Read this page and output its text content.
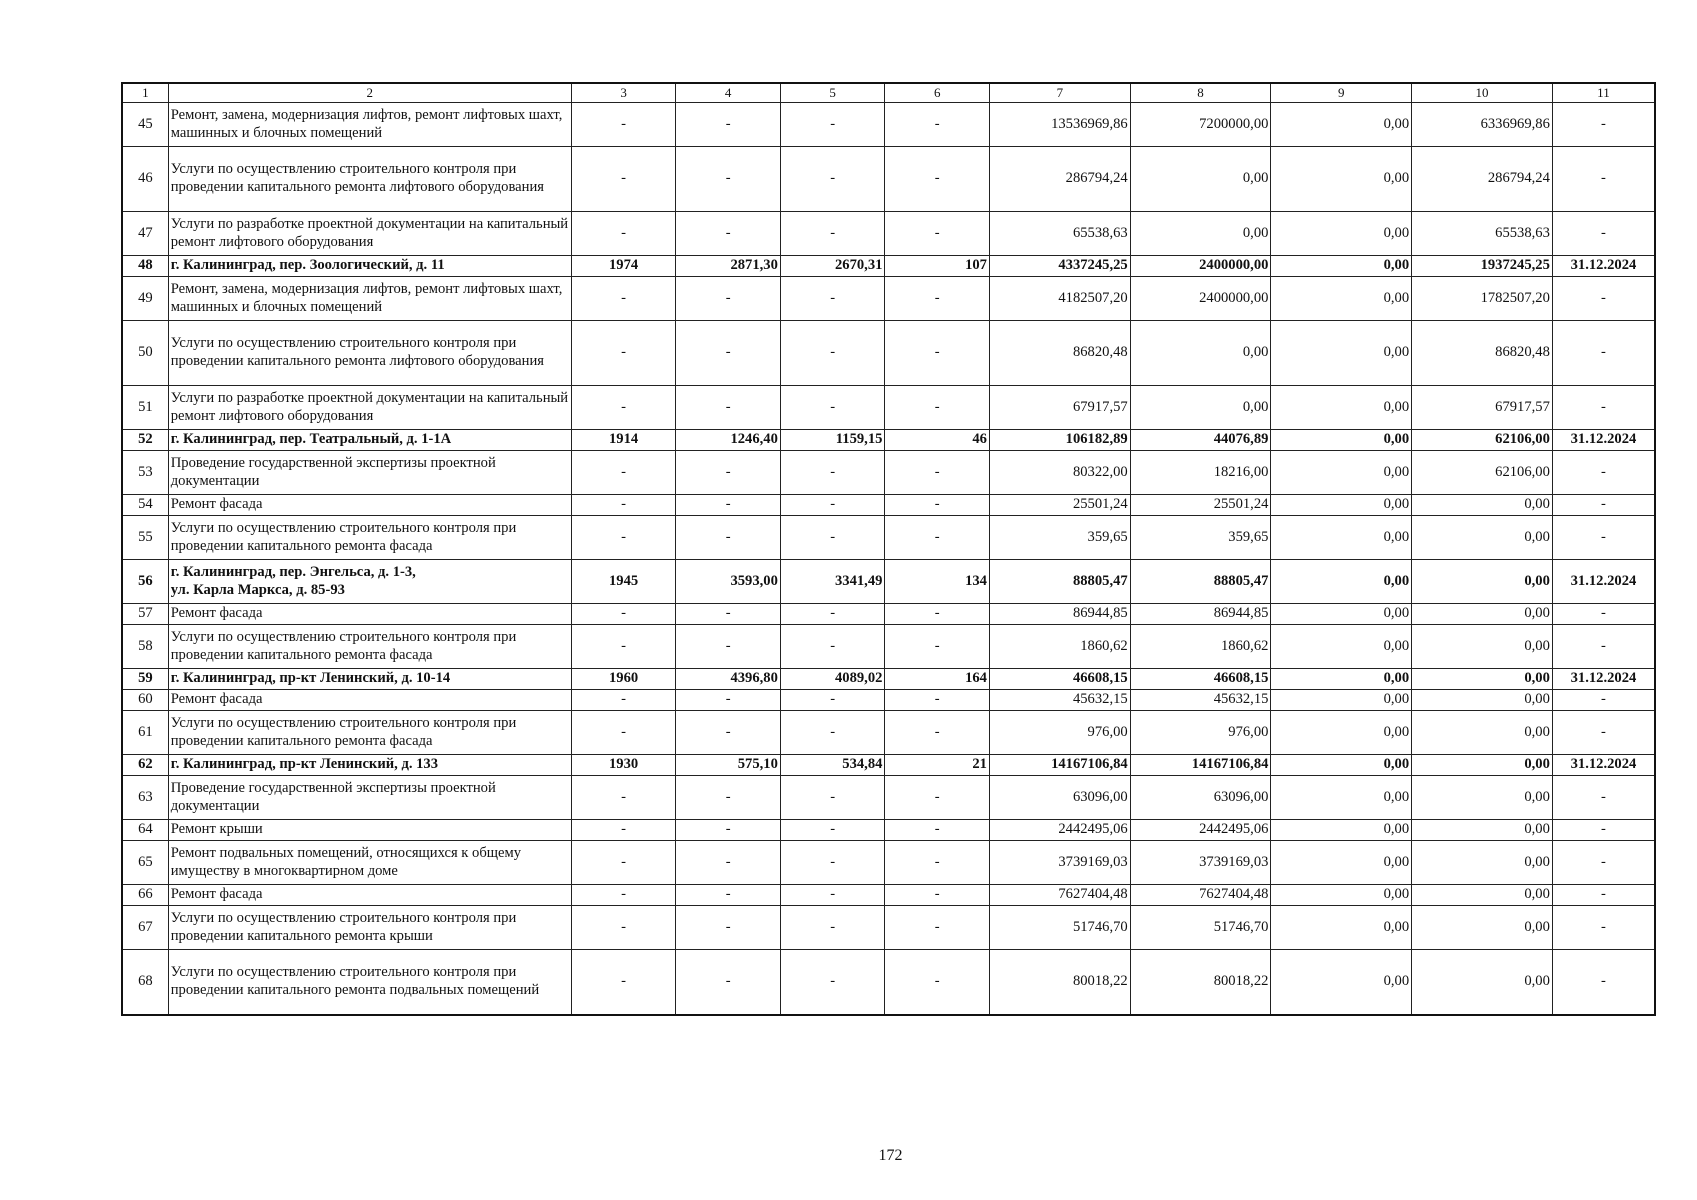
1	2	3	4	5	6	7	8	9	10	11
45	Ремонт, замена, модернизация лифтов, ремонт лифтовых шахт, машинных и блочных помещений	-	-	-	-	13536969,86	7200000,00	0,00	6336969,86	-
46	Услуги по осуществлению строительного контроля при проведении капитального ремонта лифтового оборудования	-	-	-	-	286794,24	0,00	0,00	286794,24	-
47	Услуги по разработке проектной документации на капитальный ремонт лифтового оборудования	-	-	-	-	65538,63	0,00	0,00	65538,63	-
48	г. Калининград, пер. Зоологический, д. 11	1974	2871,30	2670,31	107	4337245,25	2400000,00	0,00	1937245,25	31.12.2024
49	Ремонт, замена, модернизация лифтов, ремонт лифтовых шахт, машинных и блочных помещений	-	-	-	-	4182507,20	2400000,00	0,00	1782507,20	-
50	Услуги по осуществлению строительного контроля при проведении капитального ремонта лифтового оборудования	-	-	-	-	86820,48	0,00	0,00	86820,48	-
51	Услуги по разработке проектной документации на капитальный ремонт лифтового оборудования	-	-	-	-	67917,57	0,00	0,00	67917,57	-
52	г. Калининград, пер. Театральный, д. 1-1А	1914	1246,40	1159,15	46	106182,89	44076,89	0,00	62106,00	31.12.2024
53	Проведение государственной экспертизы проектной документации	-	-	-	-	80322,00	18216,00	0,00	62106,00	-
54	Ремонт фасада	-	-	-	-	25501,24	25501,24	0,00	0,00	-
55	Услуги по осуществлению строительного контроля при проведении капитального ремонта фасада	-	-	-	-	359,65	359,65	0,00	0,00	-
56	г. Калининград, пер. Энгельса, д. 1-3,
ул. Карла Маркса, д. 85-93	1945	3593,00	3341,49	134	88805,47	88805,47	0,00	0,00	31.12.2024
57	Ремонт фасада	-	-	-	-	86944,85	86944,85	0,00	0,00	-
58	Услуги по осуществлению строительного контроля при проведении капитального ремонта фасада	-	-	-	-	1860,62	1860,62	0,00	0,00	-
59	г. Калининград, пр-кт Ленинский, д. 10-14	1960	4396,80	4089,02	164	46608,15	46608,15	0,00	0,00	31.12.2024
60	Ремонт фасада	-	-	-	-	45632,15	45632,15	0,00	0,00	-
61	Услуги по осуществлению строительного контроля при проведении капитального ремонта фасада	-	-	-	-	976,00	976,00	0,00	0,00	-
62	г. Калининград, пр-кт Ленинский, д. 133	1930	575,10	534,84	21	14167106,84	14167106,84	0,00	0,00	31.12.2024
63	Проведение государственной экспертизы проектной документации	-	-	-	-	63096,00	63096,00	0,00	0,00	-
64	Ремонт крыши	-	-	-	-	2442495,06	2442495,06	0,00	0,00	-
65	Ремонт подвальных помещений, относящихся к общему имуществу в многоквартирном доме	-	-	-	-	3739169,03	3739169,03	0,00	0,00	-
66	Ремонт фасада	-	-	-	-	7627404,48	7627404,48	0,00	0,00	-
67	Услуги по осуществлению строительного контроля при проведении капитального ремонта крыши	-	-	-	-	51746,70	51746,70	0,00	0,00	-
68	Услуги по осуществлению строительного контроля при проведении капитального ремонта подвальных помещений	-	-	-	-	80018,22	80018,22	0,00	0,00	-
172
